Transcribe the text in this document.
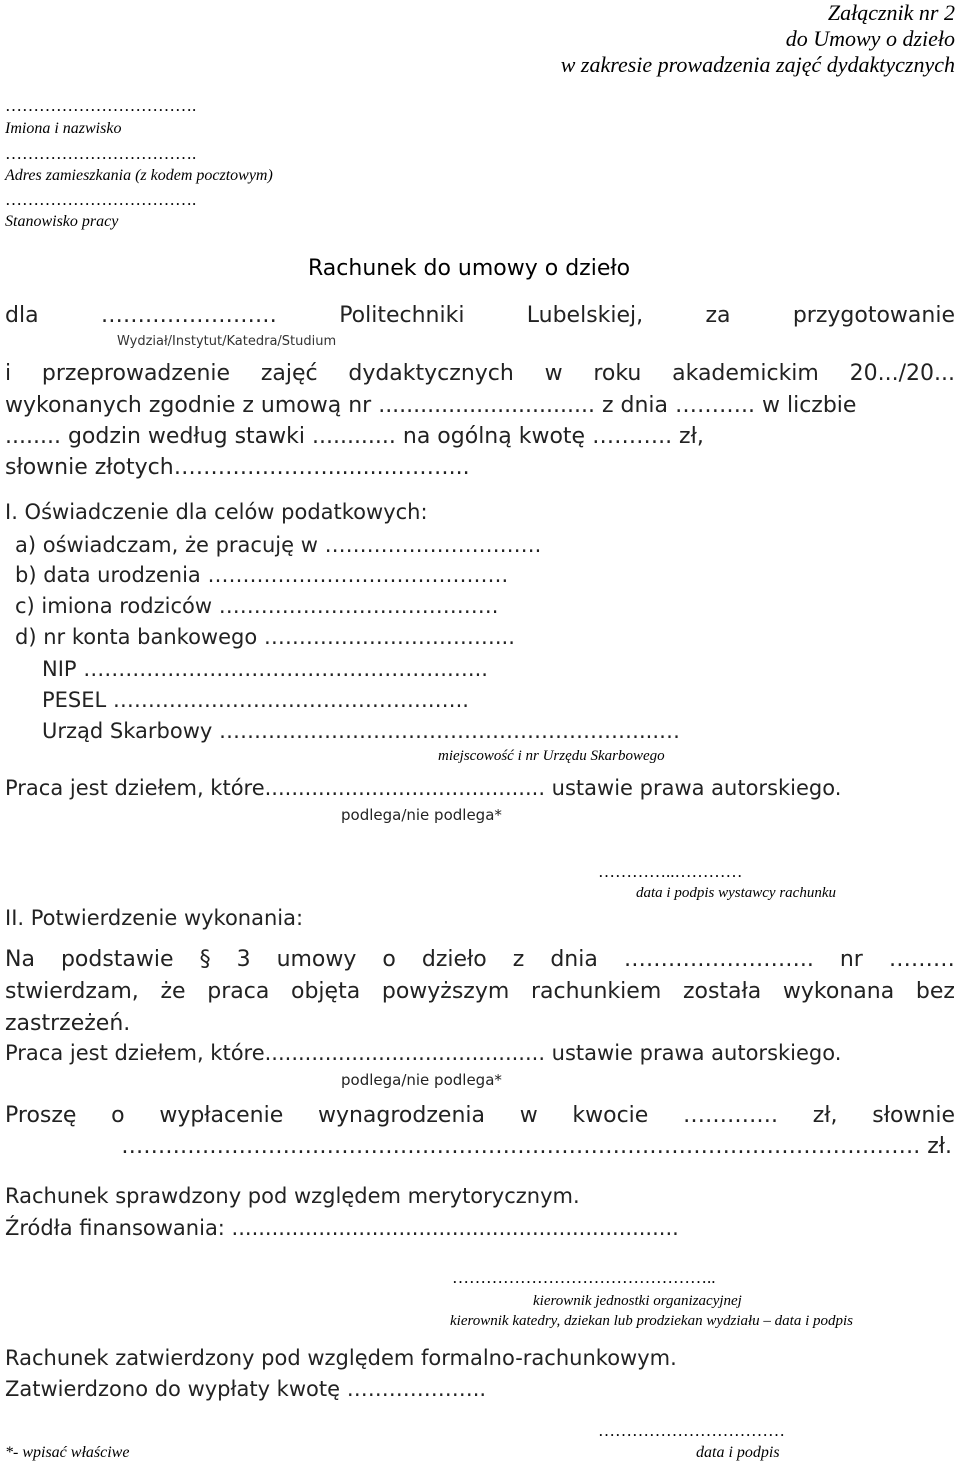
Załącznik nr 2
do Umowy o dzieło
w zakresie prowadzenia zajęć dydaktycznych
…………………………….
Imiona i nazwisko
…………………………….
Adres zamieszkania (z kodem pocztowym)
…………………………….
Stanowisko pracy
Rachunek do umowy o dzieło
dla	……………………	Politechniki	Lubelskiej,	za	przygotowanie
Wydział/Instytut/Katedra/Studium
i przeprowadzenie zajęć dydaktycznych w roku akademickim 20.../20...
wykonanych zgodnie z umową nr ............................... z dnia ……….. w liczbie
........ godzin według stawki ............ na ogólną kwotę ……….. zł,
słownie złotych…………………...........……...
I. Oświadczenie dla celów podatkowych:
a) oświadczam, że pracuję w ………………………….
b) data urodzenia …………………………………….
c) imiona rodziców ………………………………….
d) nr konta bankowego ……………………………...
NIP …………………………………………….…...
PESEL ……………………………………….…..
Urząd Skarbowy ……………………………………………………...…
miejscowość i nr Urzędu Skarbowego
Praca jest dziełem, które.......................................... ustawie prawa autorskiego.
podlega/nie podlega*
…………..…………
data i podpis wystawcy rachunku
II. Potwierdzenie wykonania:
Na podstawie § 3 umowy o dzieło z dnia …………………….. nr ………
stwierdzam, że praca objęta powyższym rachunkiem została wykonana bez
zastrzeżeń.
Praca jest dziełem, które.......................................... ustawie prawa autorskiego.
podlega/nie podlega*
Proszę o wypłacenie wynagrodzenia w kwocie …………. zł, słownie
………………………………………………………………………………………………. zł.
Rachunek sprawdzony pod względem merytorycznym.
Źródła finansowania: ...................................................................
………………………………………..
kierownik jednostki organizacyjnej
kierownik katedry, dziekan lub prodziekan wydziału – data i podpis
Rachunek zatwierdzony pod względem formalno-rachunkowym.
Zatwierdzono do wypłaty kwotę ………………..
……………………………
*- wpisać właściwe	data i podpis
